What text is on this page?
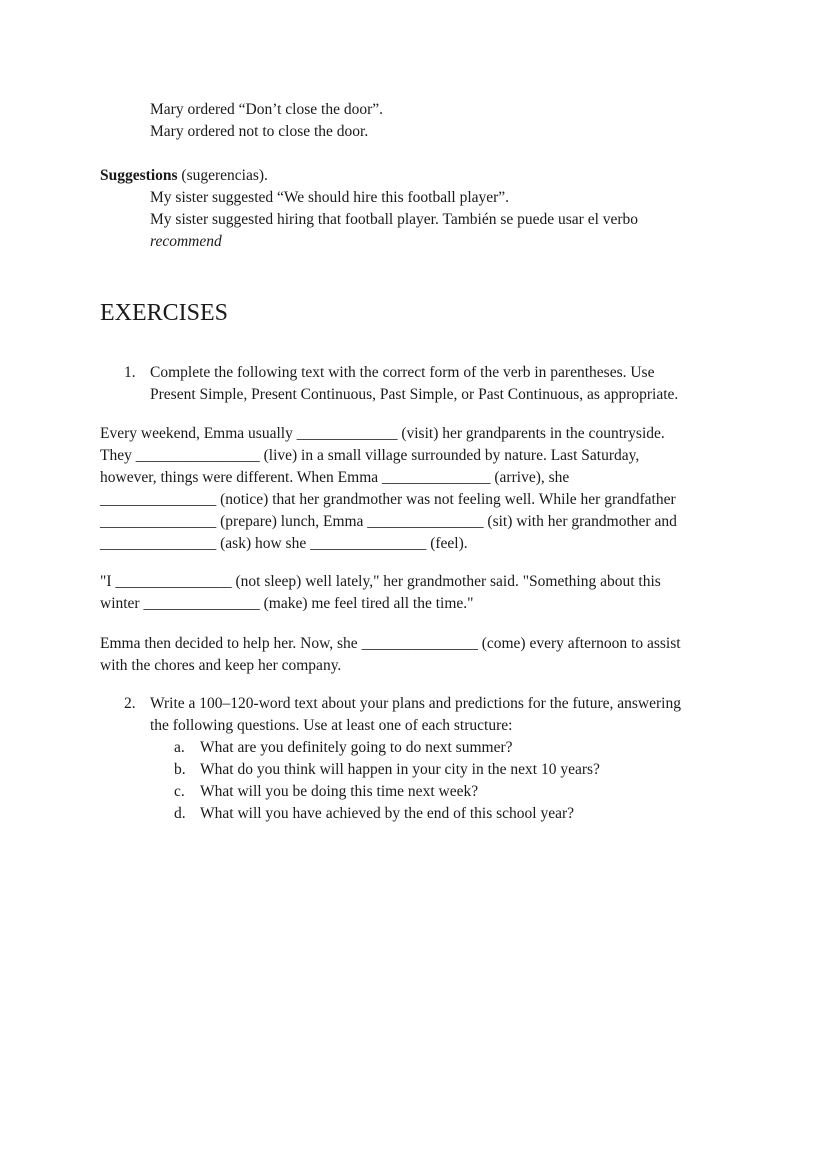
Mary ordered “Don’t close the door”.
Mary ordered not to close the door.
Suggestions (sugerencias).
My sister suggested “We should hire this football player”.
My sister suggested hiring that football player. También se puede usar el verbo
recommend
EXERCISES
1. Complete the following text with the correct form of the verb in parentheses. Use
Present Simple, Present Continuous, Past Simple, or Past Continuous, as appropriate.
Every weekend, Emma usually _____________ (visit) her grandparents in the countryside.
They ________________ (live) in a small village surrounded by nature. Last Saturday,
however, things were different. When Emma ______________ (arrive), she
_______________ (notice) that her grandmother was not feeling well. While her grandfather
_______________ (prepare) lunch, Emma _______________ (sit) with her grandmother and
_______________ (ask) how she _______________ (feel).
"I _______________ (not sleep) well lately," her grandmother said. "Something about this
winter _______________ (make) me feel tired all the time."
Emma then decided to help her. Now, she _______________ (come) every afternoon to assist
with the chores and keep her company.
2. Write a 100–120-word text about your plans and predictions for the future, answering
the following questions. Use at least one of each structure:
a. What are you definitely going to do next summer?
b. What do you think will happen in your city in the next 10 years?
c. What will you be doing this time next week?
d. What will you have achieved by the end of this school year?
